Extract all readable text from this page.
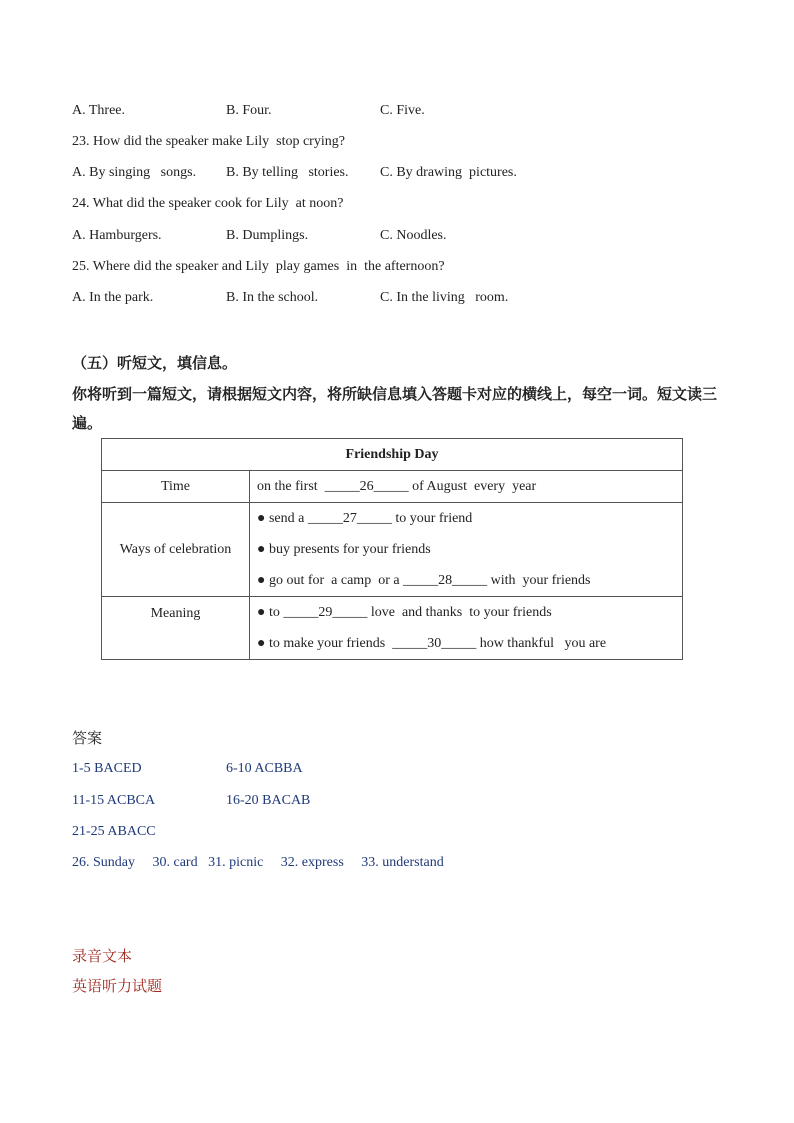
A. Three.	B. Four.	C. Five.
23. How did the speaker make Lily  stop crying?
A. By singing   songs. B. By telling   stories. C. By drawing  pictures.
24. What did the speaker cook for Lily  at noon?
A. Hamburgers.	B. Dumplings.	C. Noodles.
25. Where did the speaker and Lily  play games  in  the afternoon?
A. In the park.	B. In the school.	C. In the living   room.
（五）听短文，填信息。
你将听到一篇短文，请根据短文内容，将所缺信息填入答题卡对应的横线上，每空一词。短文读三遍。
Friendship Day	
Time	on the first  _____26_____ of August  every  year

Ways of celebration	● send a _____27_____ to your friend
● buy presents for your friends
● go out for  a camp  or a _____28_____ with  your friends

Meaning	● to _____29_____ love  and thanks  to your friends
● to make your friends  _____30_____ how thankful   you are
答案
1-5 BACED	6-10 ACBBA
11-15 ACBCA	16-20 BACAB
21-25 ABACC
26. Sunday     30. card   31. picnic     32. express     33. understand
录音文本
英语听力试题
